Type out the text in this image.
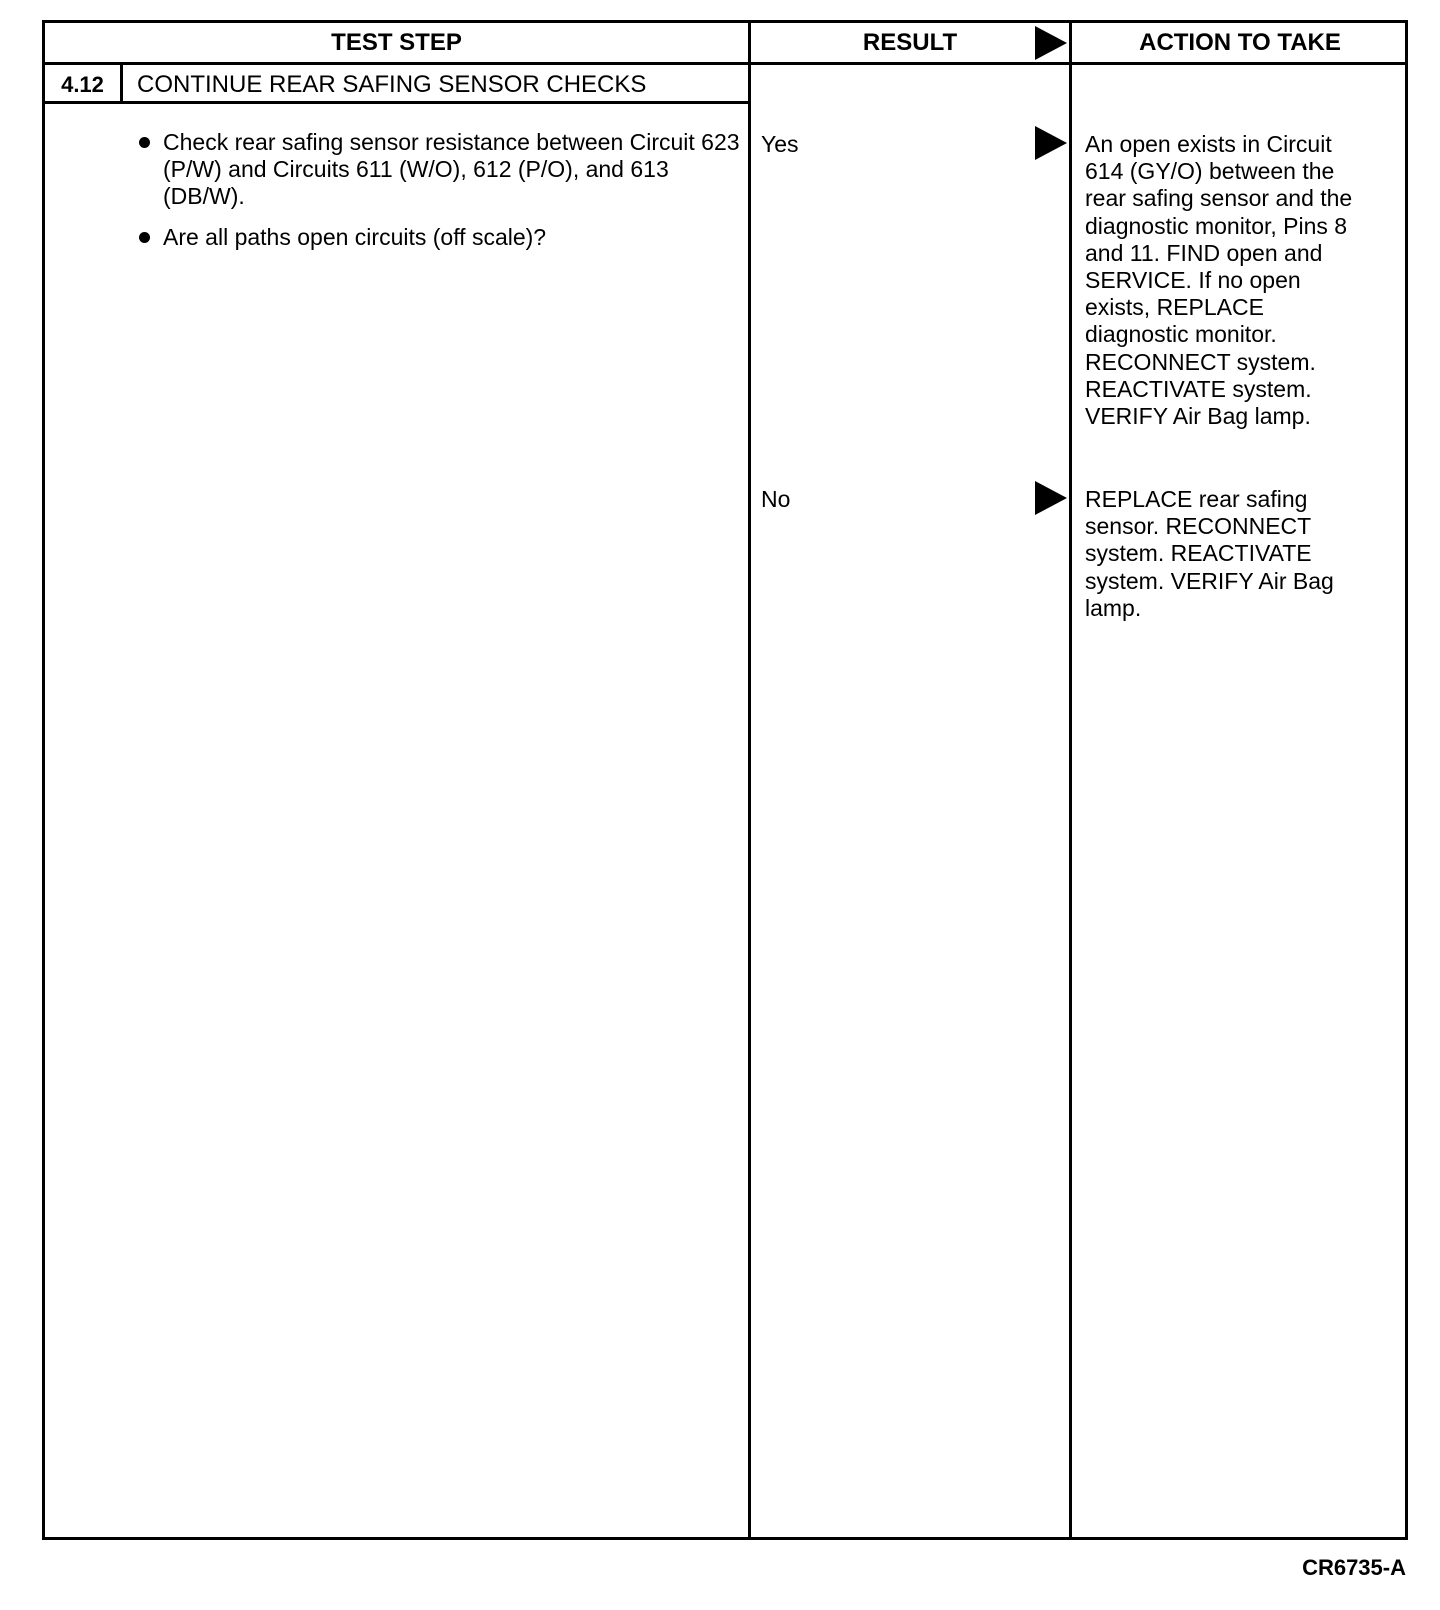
TEST STEP	RESULT	ACTION TO TAKE
4.12	CONTINUE REAR SAFING SENSOR CHECKS
Check rear safing sensor resistance between Circuit 623 (P/W) and Circuits 611 (W/O), 612 (P/O), and 613 (DB/W).
Are all paths open circuits (off scale)?
Yes	An open exists in Circuit 614 (GY/O) between the rear safing sensor and the diagnostic monitor, Pins 8 and 11. FIND open and SERVICE. If no open exists, REPLACE diagnostic monitor. RECONNECT system. REACTIVATE system. VERIFY Air Bag lamp.
No	REPLACE rear safing sensor. RECONNECT system. REACTIVATE system. VERIFY Air Bag lamp.
CR6735-A
